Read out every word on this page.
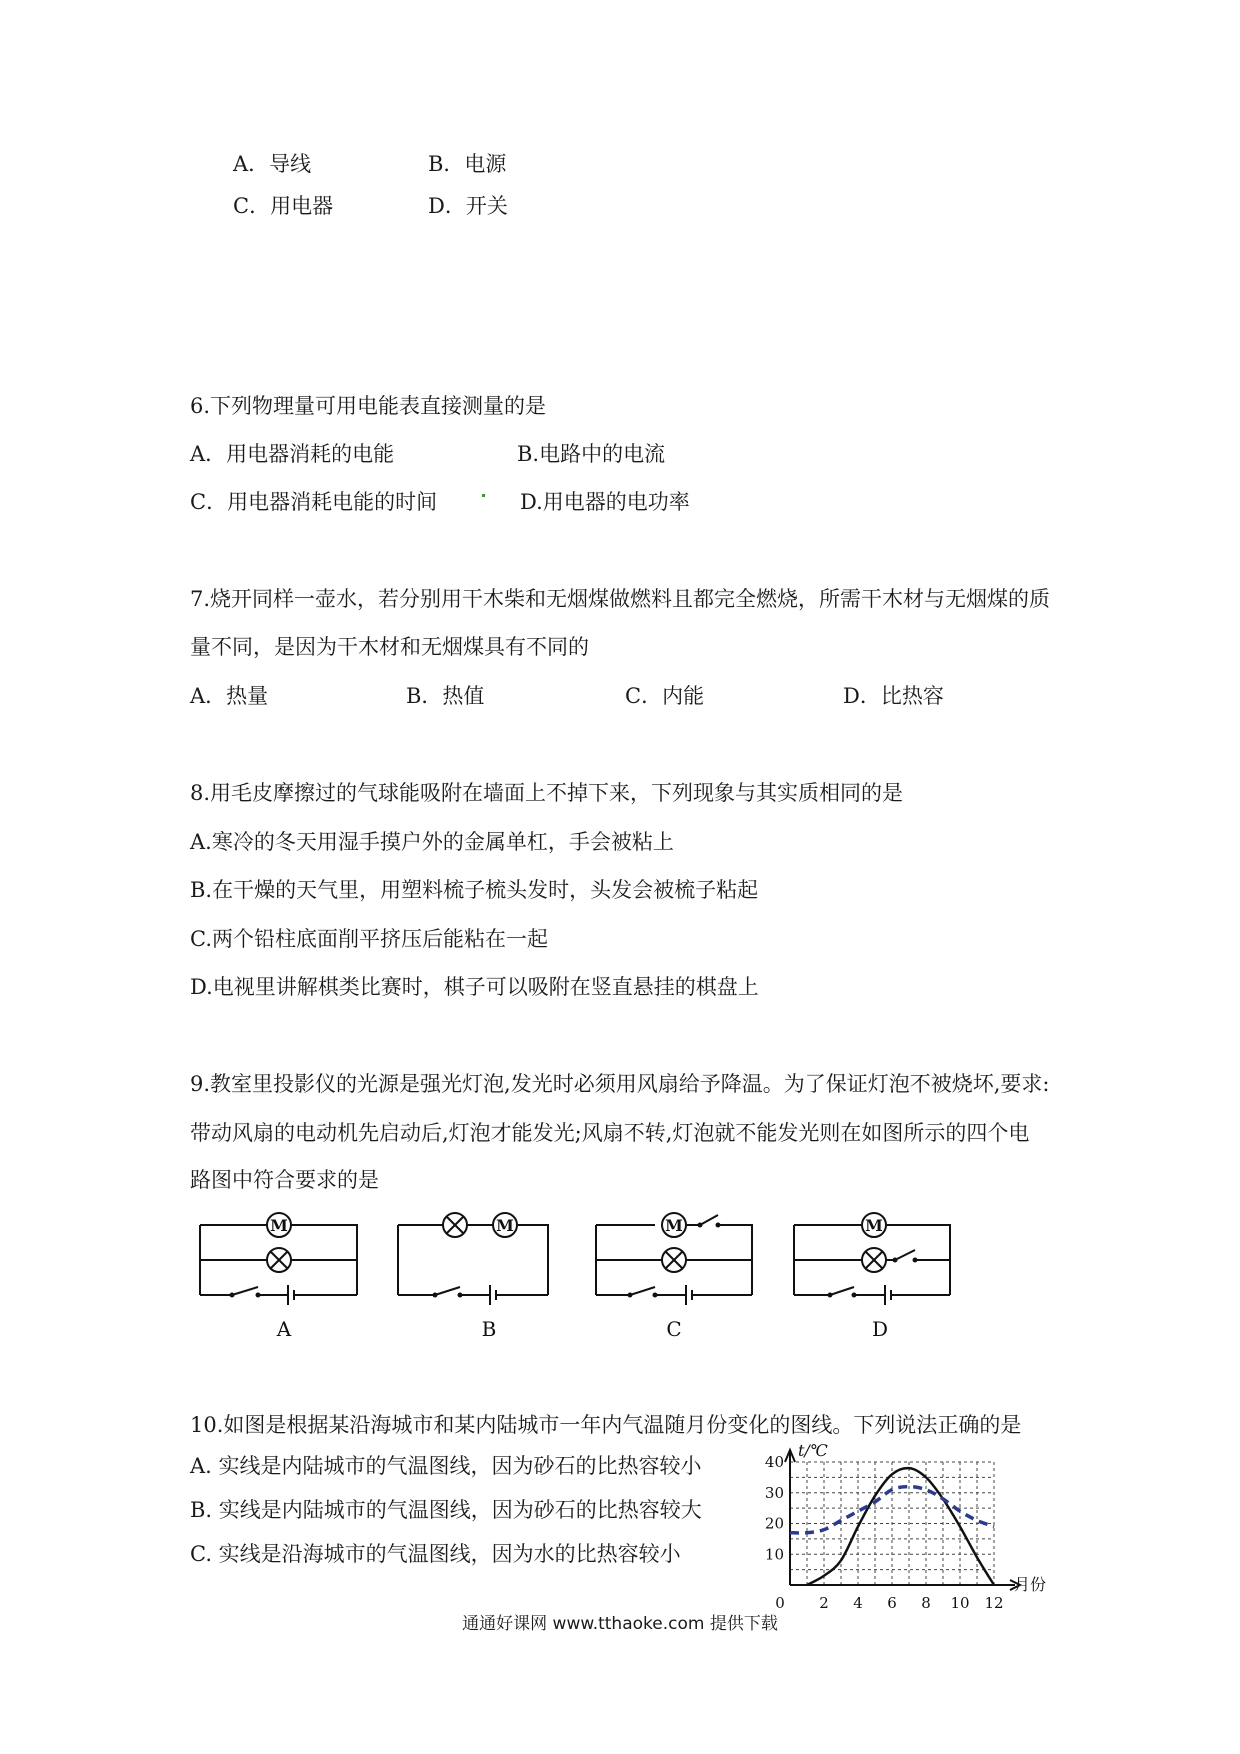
A．导线	B．电源
C．用电器	D．开关
6.下列物理量可用电能表直接测量的是
A．用电器消耗的电能	B.电路中的电流
C．用电器消耗电能的时间	D.用电器的电功率
7.烧开同样一壶水，若分别用干木柴和无烟煤做燃料且都完全燃烧，所需干木材与无烟煤的质
量不同，是因为干木材和无烟煤具有不同的
A．热量	B．热值	C．内能	D．比热容
8.用毛皮摩擦过的气球能吸附在墙面上不掉下来，下列现象与其实质相同的是
A.寒冷的冬天用湿手摸户外的金属单杠，手会被粘上
B.在干燥的天气里，用塑料梳子梳头发时，头发会被梳子粘起
C.两个铅柱底面削平挤压后能粘在一起
D.电视里讲解棋类比赛时，棋子可以吸附在竖直悬挂的棋盘上
9.教室里投影仪的光源是强光灯泡,发光时必须用风扇给予降温。为了保证灯泡不被烧坏,要求:
带动风扇的电动机先启动后,灯泡才能发光;风扇不转,灯泡就不能发光则在如图所示的四个电
路图中符合要求的是
M	M	M	M
A	B	C	D
10.如图是根据某沿海城市和某内陆城市一年内气温随月份变化的图线。下列说法正确的是
A. 实线是内陆城市的气温图线，因为砂石的比热容较小
B. 实线是内陆城市的气温图线，因为砂石的比热容较大
C. 实线是沿海城市的气温图线，因为水的比热容较小
t/℃
月份
0 2 4 6 8 10 12
10
20
30
40
通通好课网 www.tthaoke.com 提供下载
